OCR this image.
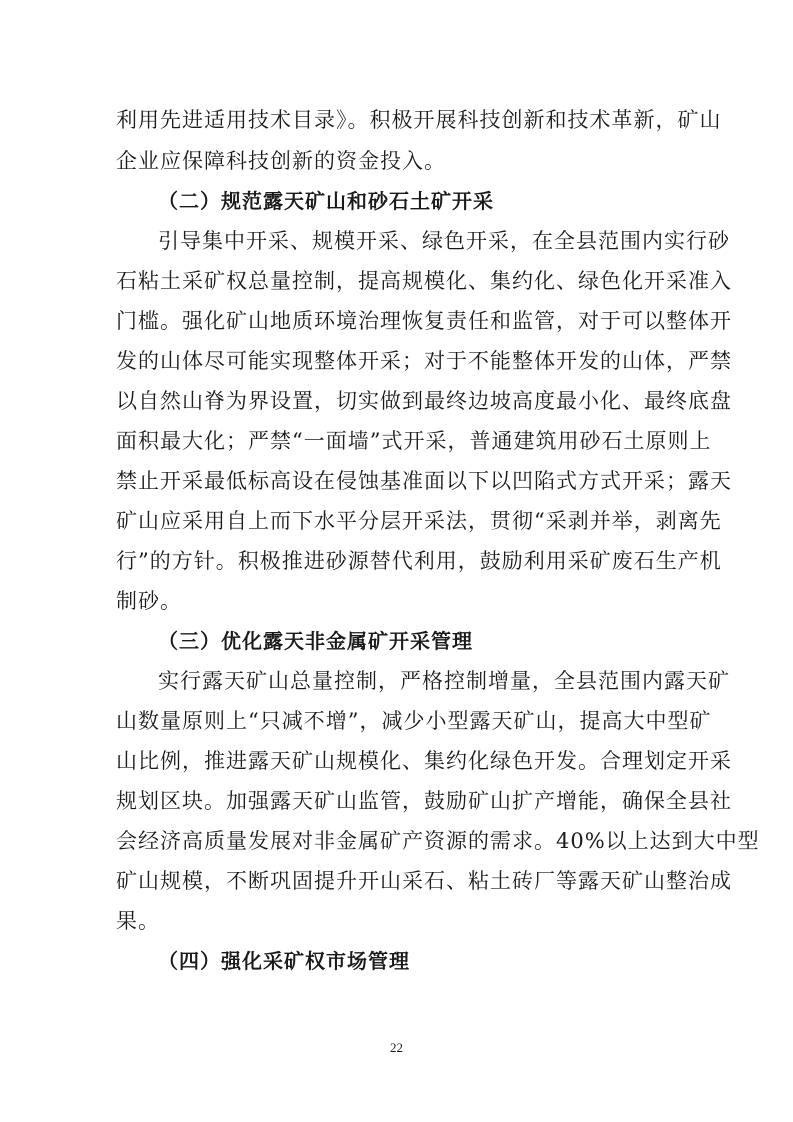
利用先进适用技术目录》。积极开展科技创新和技术革新，矿山
企业应保障科技创新的资金投入。
（二）规范露天矿山和砂石土矿开采
引导集中开采、规模开采、绿色开采，在全县范围内实行砂
石粘土采矿权总量控制，提高规模化、集约化、绿色化开采准入
门槛。强化矿山地质环境治理恢复责任和监管，对于可以整体开
发的山体尽可能实现整体开采；对于不能整体开发的山体，严禁
以自然山脊为界设置，切实做到最终边坡高度最小化、最终底盘
面积最大化；严禁“一面墙”式开采，普通建筑用砂石土原则上
禁止开采最低标高设在侵蚀基准面以下以凹陷式方式开采；露天
矿山应采用自上而下水平分层开采法，贯彻“采剥并举，剥离先
行”的方针。积极推进砂源替代利用，鼓励利用采矿废石生产机
制砂。
（三）优化露天非金属矿开采管理
实行露天矿山总量控制，严格控制增量，全县范围内露天矿
山数量原则上“只减不增”，减少小型露天矿山，提高大中型矿
山比例，推进露天矿山规模化、集约化绿色开发。合理划定开采
规划区块。加强露天矿山监管，鼓励矿山扩产增能，确保全县社
会经济高质量发展对非金属矿产资源的需求。40%以上达到大中型
矿山规模，不断巩固提升开山采石、粘土砖厂等露天矿山整治成
果。
（四）强化采矿权市场管理
22
